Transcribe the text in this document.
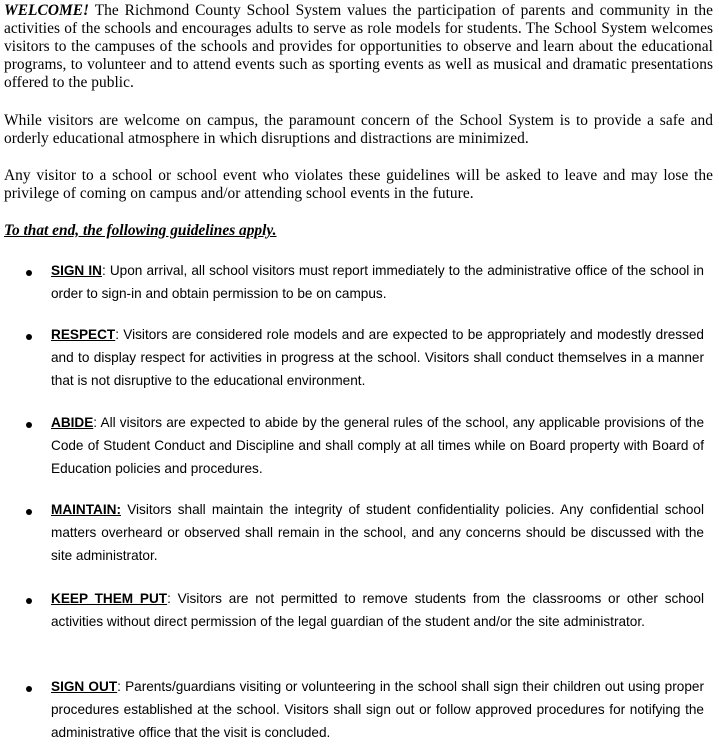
WELCOME! The Richmond County School System values the participation of parents and community in the activities of the schools and encourages adults to serve as role models for students. The School System welcomes visitors to the campuses of the schools and provides for opportunities to observe and learn about the educational programs, to volunteer and to attend events such as sporting events as well as musical and dramatic presentations offered to the public.

While visitors are welcome on campus, the paramount concern of the School System is to provide a safe and orderly educational atmosphere in which disruptions and distractions are minimized.

Any visitor to a school or school event who violates these guidelines will be asked to leave and may lose the privilege of coming on campus and/or attending school events in the future.

To that end, the following guidelines apply.

SIGN IN: Upon arrival, all school visitors must report immediately to the administrative office of the school in order to sign-in and obtain permission to be on campus.

RESPECT: Visitors are considered role models and are expected to be appropriately and modestly dressed and to display respect for activities in progress at the school. Visitors shall conduct themselves in a manner that is not disruptive to the educational environment.

ABIDE: All visitors are expected to abide by the general rules of the school, any applicable provisions of the Code of Student Conduct and Discipline and shall comply at all times while on Board property with Board of Education policies and procedures.

MAINTAIN: Visitors shall maintain the integrity of student confidentiality policies. Any confidential school matters overheard or observed shall remain in the school, and any concerns should be discussed with the site administrator.

KEEP THEM PUT: Visitors are not permitted to remove students from the classrooms or other school activities without direct permission of the legal guardian of the student and/or the site administrator.

SIGN OUT: Parents/guardians visiting or volunteering in the school shall sign their children out using proper procedures established at the school. Visitors shall sign out or follow approved procedures for notifying the administrative office that the visit is concluded.
